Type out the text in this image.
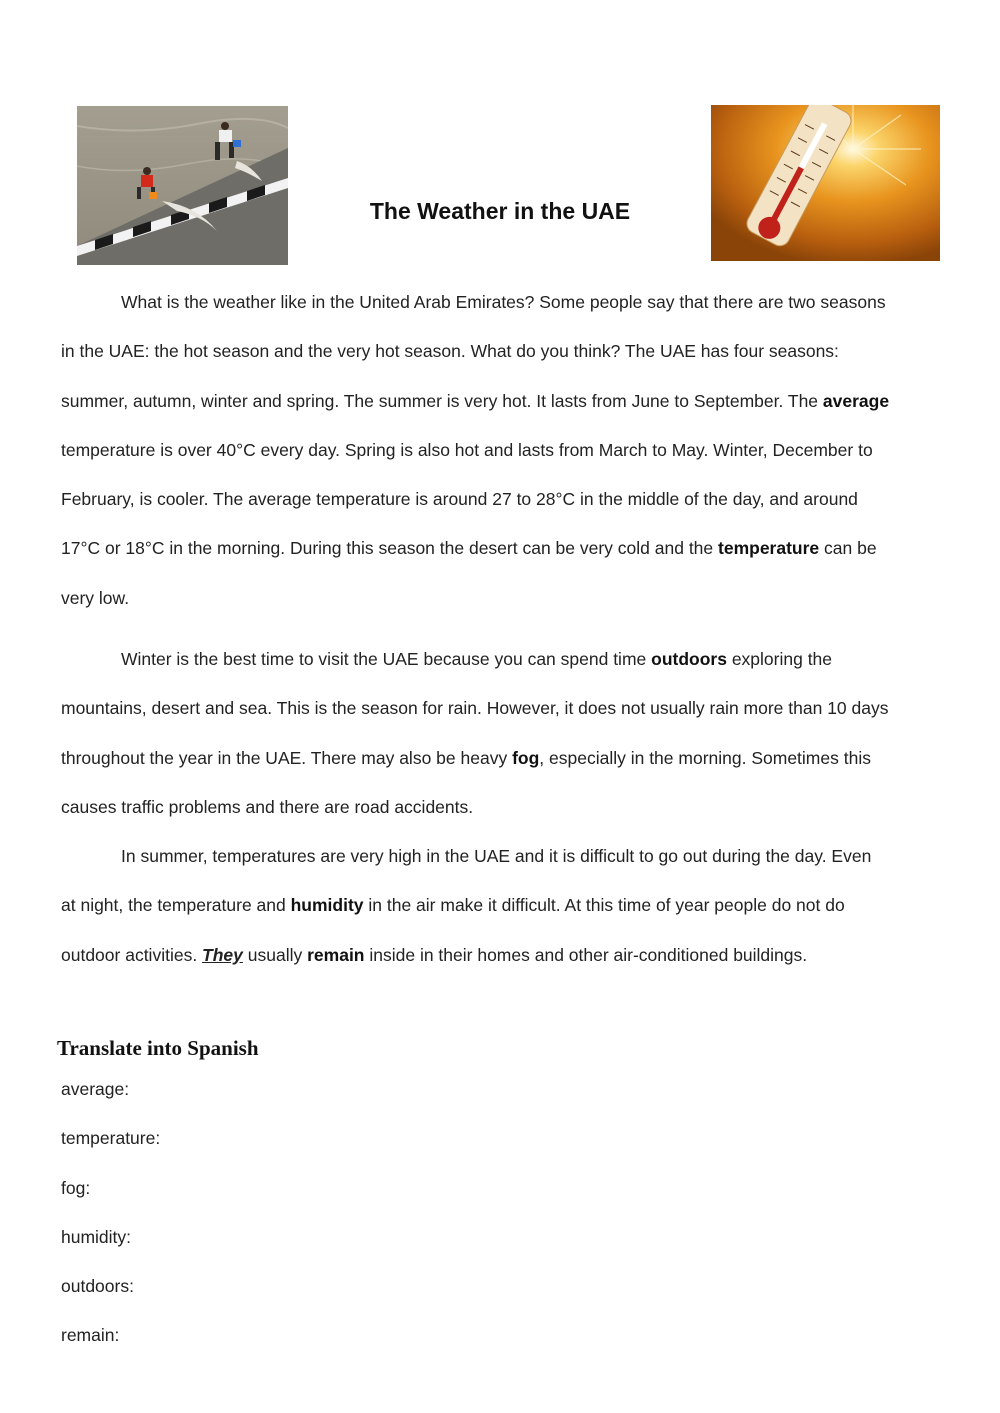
The Weather in the UAE

What is the weather like in the United Arab Emirates? Some people say that there are two seasons

in the UAE: the hot season and the very hot season. What do you think? The UAE has four seasons:

summer, autumn, winter and spring. The summer is very hot. It lasts from June to September. The average

temperature is over 40°C every day. Spring is also hot and lasts from March to May. Winter, December to

February, is cooler. The average temperature is around 27 to 28°C in the middle of the day, and around

17°C or 18°C in the morning. During this season the desert can be very cold and the temperature can be

very low.

Winter is the best time to visit the UAE because you can spend time outdoors exploring the

mountains, desert and sea. This is the season for rain. However, it does not usually rain more than 10 days

throughout the year in the UAE. There may also be heavy fog, especially in the morning. Sometimes this

causes traffic problems and there are road accidents.

In summer, temperatures are very high in the UAE and it is difficult to go out during the day. Even

at night, the temperature and humidity in the air make it difficult. At this time of year people do not do

outdoor activities. They usually remain inside in their homes and other air-conditioned buildings.

Translate into Spanish
average:
temperature:
fog:
humidity:
outdoors:
remain:
